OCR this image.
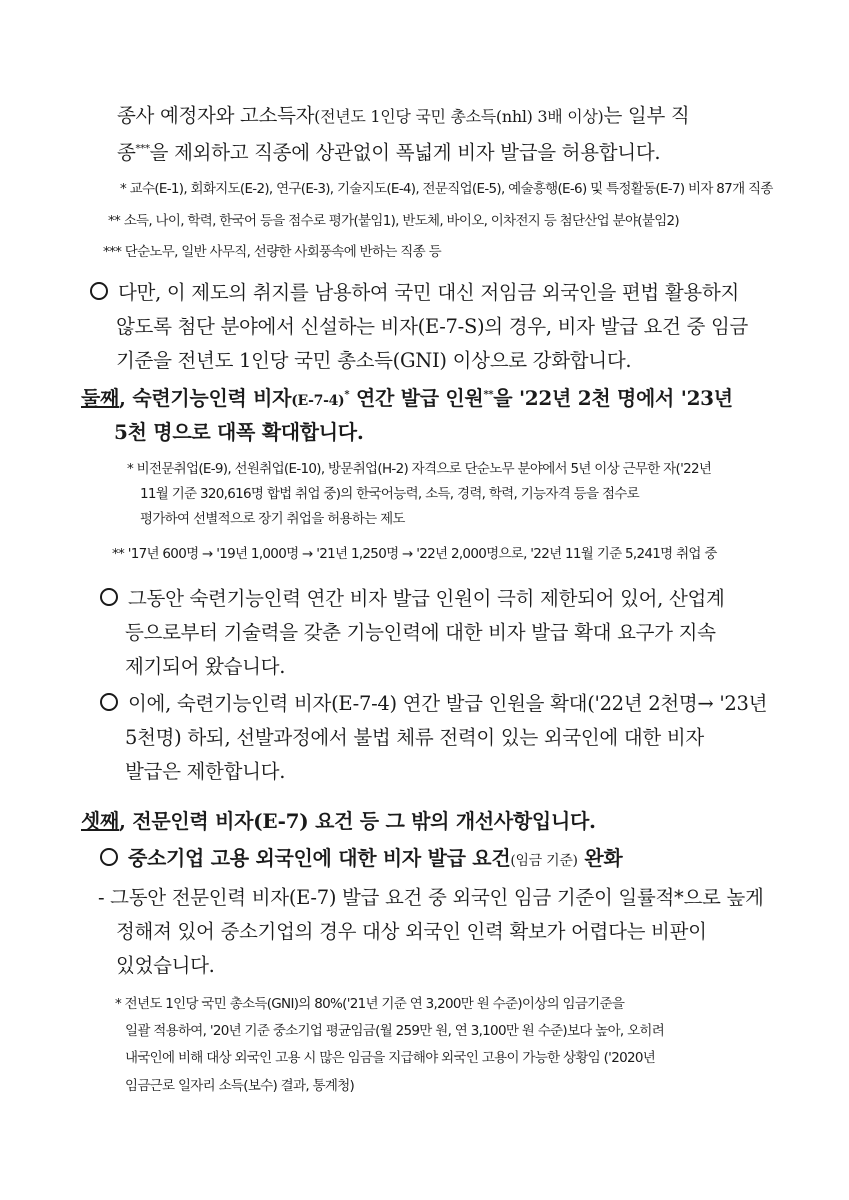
종사 예정자와 고소득자(전년도 1인당 국민 총소득(nhl) 3배 이상)는 일부 직
종***을 제외하고 직종에 상관없이 폭넓게 비자 발급을 허용합니다.
* 교수(E-1), 회화지도(E-2), 연구(E-3), 기술지도(E-4), 전문직업(E-5), 예술흥행(E-6) 및 특정활동(E-7) 비자 87개 직종
** 소득, 나이, 학력, 한국어 등을 점수로 평가(붙임1), 반도체, 바이오, 이차전지 등 첨단산업 분야(붙임2)
*** 단순노무, 일반 사무직, 선량한 사회풍속에 반하는 직종 등
다만, 이 제도의 취지를 남용하여 국민 대신 저임금 외국인을 편법 활용하지
않도록 첨단 분야에서 신설하는 비자(E-7-S)의 경우, 비자 발급 요건 중 임금
기준을 전년도 1인당 국민 총소득(GNI) 이상으로 강화합니다.
둘째, 숙련기능인력 비자(E-7-4)* 연간 발급 인원**을 '22년 2천 명에서 '23년
5천 명으로 대폭 확대합니다.
* 비전문취업(E-9), 선원취업(E-10), 방문취업(H-2) 자격으로 단순노무 분야에서 5년 이상 근무한 자('22년
11월 기준 320,616명 합법 취업 중)의 한국어능력, 소득, 경력, 학력, 기능자격 등을 점수로
평가하여 선별적으로 장기 취업을 허용하는 제도
** '17년 600명 → '19년 1,000명 → '21년 1,250명 → '22년 2,000명으로, '22년 11월 기준 5,241명 취업 중
그동안 숙련기능인력 연간 비자 발급 인원이 극히 제한되어 있어, 산업계
등으로부터 기술력을 갖춘 기능인력에 대한 비자 발급 확대 요구가 지속
제기되어 왔습니다.
이에, 숙련기능인력 비자(E-7-4) 연간 발급 인원을 확대('22년 2천명→ '23년
5천명) 하되, 선발과정에서 불법 체류 전력이 있는 외국인에 대한 비자
발급은 제한합니다.
셋째, 전문인력 비자(E-7) 요건 등 그 밖의 개선사항입니다.
중소기업 고용 외국인에 대한 비자 발급 요건(임금 기준) 완화
- 그동안 전문인력 비자(E-7) 발급 요건 중 외국인 임금 기준이 일률적*으로 높게
정해져 있어 중소기업의 경우 대상 외국인 인력 확보가 어렵다는 비판이
있었습니다.
* 전년도 1인당 국민 총소득(GNI)의 80%('21년 기준 연 3,200만 원 수준)이상의 임금기준을
일괄 적용하여, '20년 기준 중소기업 평균임금(월 259만 원, 연 3,100만 원 수준)보다 높아, 오히려
내국인에 비해 대상 외국인 고용 시 많은 임금을 지급해야 외국인 고용이 가능한 상황임 ('2020년
임금근로 일자리 소득(보수) 결과, 통계청)
